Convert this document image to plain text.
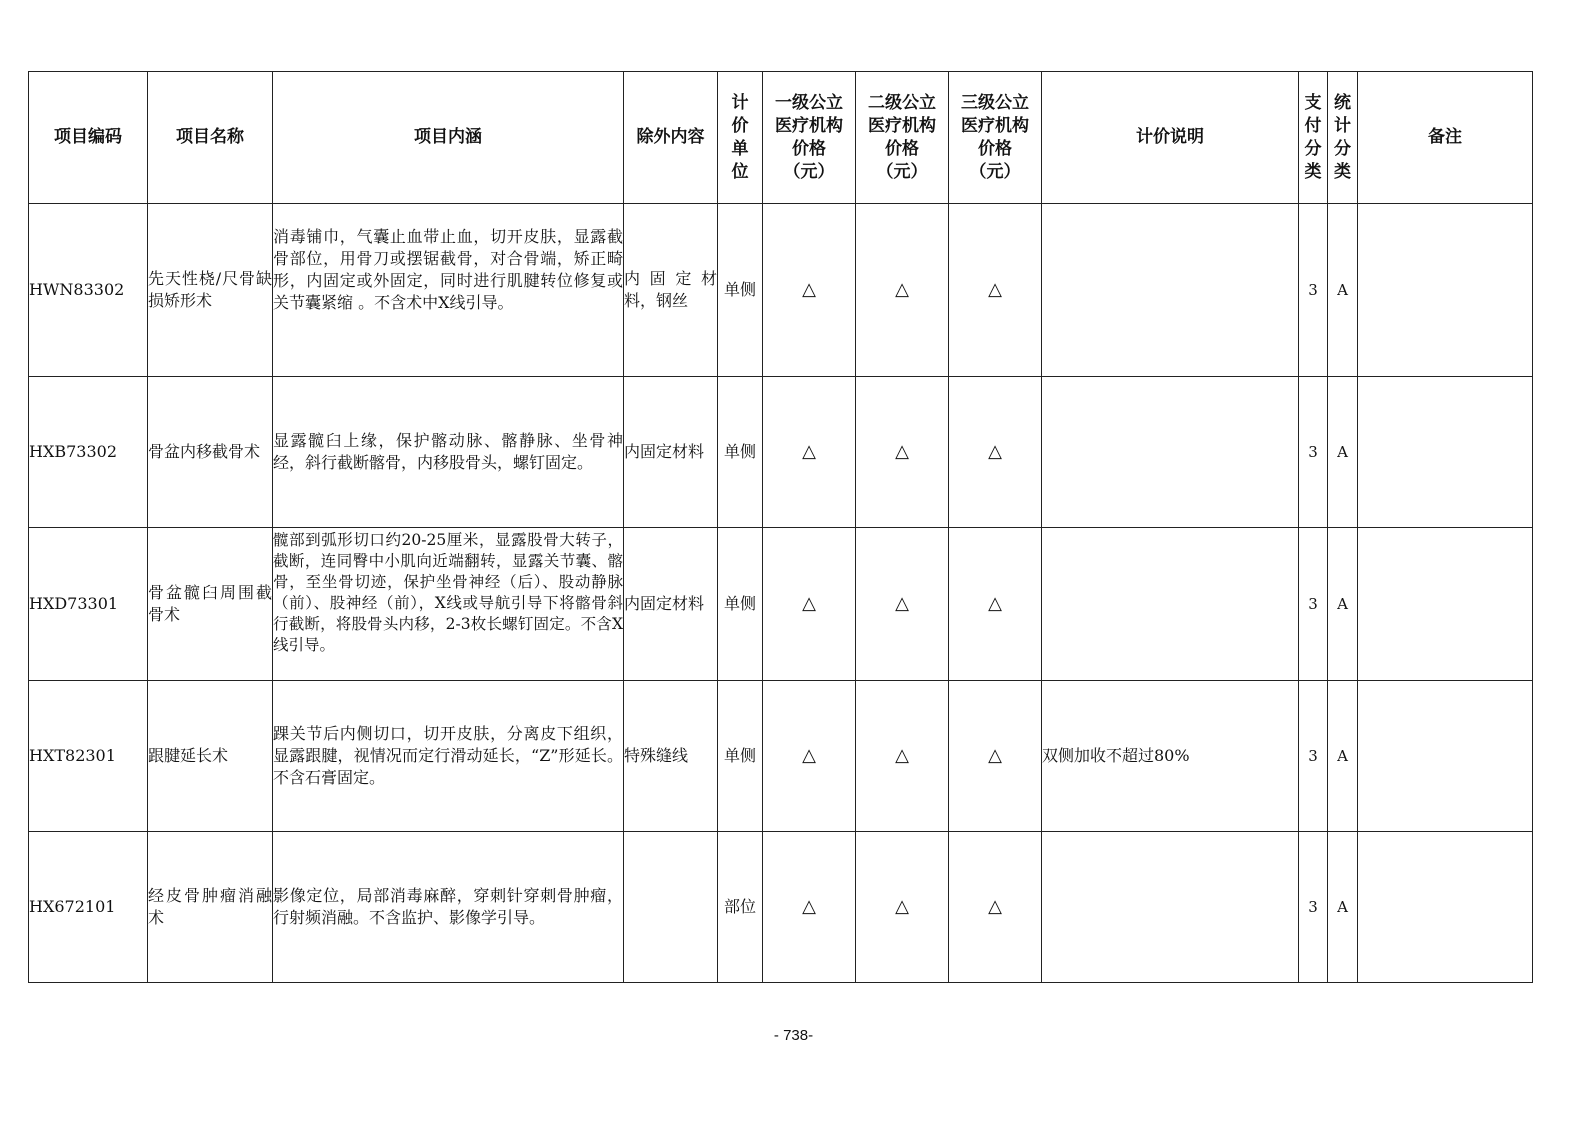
项目编码	项目名称	项目内涵	除外内容	计价单位	一级公立医疗机构价格（元）	二级公立医疗机构价格（元）	三级公立医疗机构价格（元）	计价说明	支付分类	统计分类	备注
HWN83302	先天性桡/尺骨缺损矫形术	消毒铺巾，气囊止血带止血，切开皮肤，显露截骨部位，用骨刀或摆锯截骨，对合骨端，矫正畸形，内固定或外固定，同时进行肌腱转位修复或关节囊紧缩 。不含术中X线引导。	内固定材料，钢丝	单侧	△	△	△		3	A	
HXB73302	骨盆内移截骨术	显露髋臼上缘，保护髂动脉、髂静脉、坐骨神经，斜行截断髂骨，内移股骨头，螺钉固定。	内固定材料	单侧	△	△	△		3	A	
HXD73301	骨盆髋臼周围截骨术	髋部到弧形切口约20-25厘米，显露股骨大转子，截断，连同臀中小肌向近端翻转，显露关节囊、髂骨，至坐骨切迹，保护坐骨神经（后）、股动静脉（前）、股神经（前），X线或导航引导下将髂骨斜行截断，将股骨头内移，2-3枚长螺钉固定。不含X线引导。	内固定材料	单侧	△	△	△		3	A	
HXT82301	跟腱延长术	踝关节后内侧切口，切开皮肤，分离皮下组织，显露跟腱，视情况而定行滑动延长，“Z”形延长。不含石膏固定。	特殊缝线	单侧	△	△	△	双侧加收不超过80%	3	A	
HX672101	经皮骨肿瘤消融术	影像定位，局部消毒麻醉，穿刺针穿刺骨肿瘤，行射频消融。不含监护、影像学引导。		部位	△	△	△		3	A	
- 738-
